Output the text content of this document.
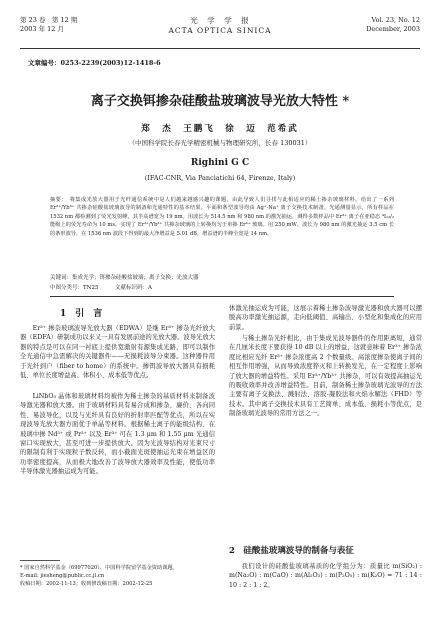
第 23 卷　第 12 期
2003 年 12 月
光　学　学　报
ACTA OPTICA SINICA
Vol. 23, No. 12
December, 2003
文章编号：0253-2239(2003)12-1418-6
离子交换铒掺杂硅酸盐玻璃波导光放大特性 *
郑　杰　王鹏飞　徐　迈　范希武
（中国科学院长春光学精密机械与物理研究所，长春 130031）
Righini G C
(IFAC-CNR, Via Panciatichi 64, Firenze, Italy)
摘要：　将集成光放大器用于光纤通信系统中是人们越来越感兴趣的课题，由此导致人们寻找与此相适应的稀土掺杂玻璃材料。给出了一系列 Er³⁺/Yb³⁺ 共掺杂硅酸盐玻璃波导的制备和光通特性的基本结果。平面和条型波导均由 Ag⁺-Na⁺ 离子交换技术制备。光通测量显示，所有样品在 1532 nm 都检测到了荧光发射峰，其半高谱宽为 19 nm。用波长为 514.5 nm 和 980 nm 的激光抽运，测得多数样品中 Er³⁺ 离子在亚稳态 ⁴I₁₃/₂ 能级上的荧光寿命为 10 ms。实现了 Er³⁺/Yb³⁺ 共掺杂玻璃的上转换均匀于单掺 Er³⁺ 玻璃。用 250 mW、波长为 980 nm 的激光抽运 3.5 cm 长的条形波导，在 1536 nm 波段下得到的最大净增益是 5.01 dB，增益谱的半峰全宽是 14 nm。
关键词：集成光学；铒掺杂硅酸盐玻璃；离子交换；光放大器
中图分类号：TN25　　　文献标识码：A
1　引　言
Er³⁺ 掺杂玻璃波导光放大器（EDWA）是继 Er³⁺ 掺杂光纤放大器（EDFA）研制成功以来又一具有发展前途的光放大器。波导光放大器的特点是可以在同一衬底上提供宽激射有源集成光路，即可以制作全光通信中急需解决的关键器件——无损耗波导分束器。这种器件用于光纤到户（fiber to home）的系统中。掺铒波导放大器具有损耗低、单位长度增益高、体积小、成本低等优点。
LiNbO₃ 晶体和玻璃材料均被作为稀土掺杂的基质材料来制备波导激光器和放大器。由于玻璃材料具有易合成和掺杂、廉价、各向同性、易波导化，以及与光纤具有良好的折射率匹配等优点，所以在实现波导光放大器方面优于单晶等材料。根据稀土离子的能级结构，在玻璃中掺 Nd³⁺ 或 Pr³⁺ 以及 Er³⁺ 可在 1.3 μm 和 1.55 μm 光通信窗口实现放大，甚至可进一步提供放大。因为光波导结构对光束尺寸的限制有利于实现粒子数反转，而小截面光斑使抽运光束在增益区的功率密度提高，从而极大地改善了波导放大器效率及性能，使低功率半导体激光器抽运成为可能。
* 国家自然科学基金（69977020）、中国科学院留学基金资助课题。
E-mail: jiesheng@public.cc.jl.cn
收稿日期：2002-11-13；收到修改稿日期：2002-12-25
体激光抽运成为可能，这展示着稀土掺杂波导激光器和放大器可以摆脱高功率激光抽运源，走向低阈值、高输出、小型化和集成化的应用前景。
与稀土掺杂光纤相比，由于集成光波导器件的作用距离短，通常在几厘米长度下要获得 10 dB 以上的增益，这就意味着 Er³⁺ 掺杂浓度比相应光纤 Er³⁺ 掺杂浓度高 2 个数量级。高浓度掺杂使离子间的相互作用增强，从而导致浓度猝灭和上转换发光，在一定程度上影响了放大器的增益特性。采用 Er³⁺/Yb³⁺ 共掺杂，可以有效提高抽运光的吸收效率并改善增益特性。目前，制备稀土掺杂玻璃光波导的方法主要有离子交换法、溅射法、溶胶-凝胶法和火焰水解法（FHD）等技术。其中离子交换技术具有工艺简单、成本低、损耗小等优点，是制备玻璃光波导的常用方法之一。
2　硅酸盐玻璃波导的制备与表征
我们设计的硅酸盐玻璃基质的化学组分为：质量比 m(SiO₂) : m(Na₂O) : m(CaO) : m(Al₂O₃) : m(P₂O₅) : m(K₂O) = 71 : 14 : 10 : 2 : 1 : 2。
